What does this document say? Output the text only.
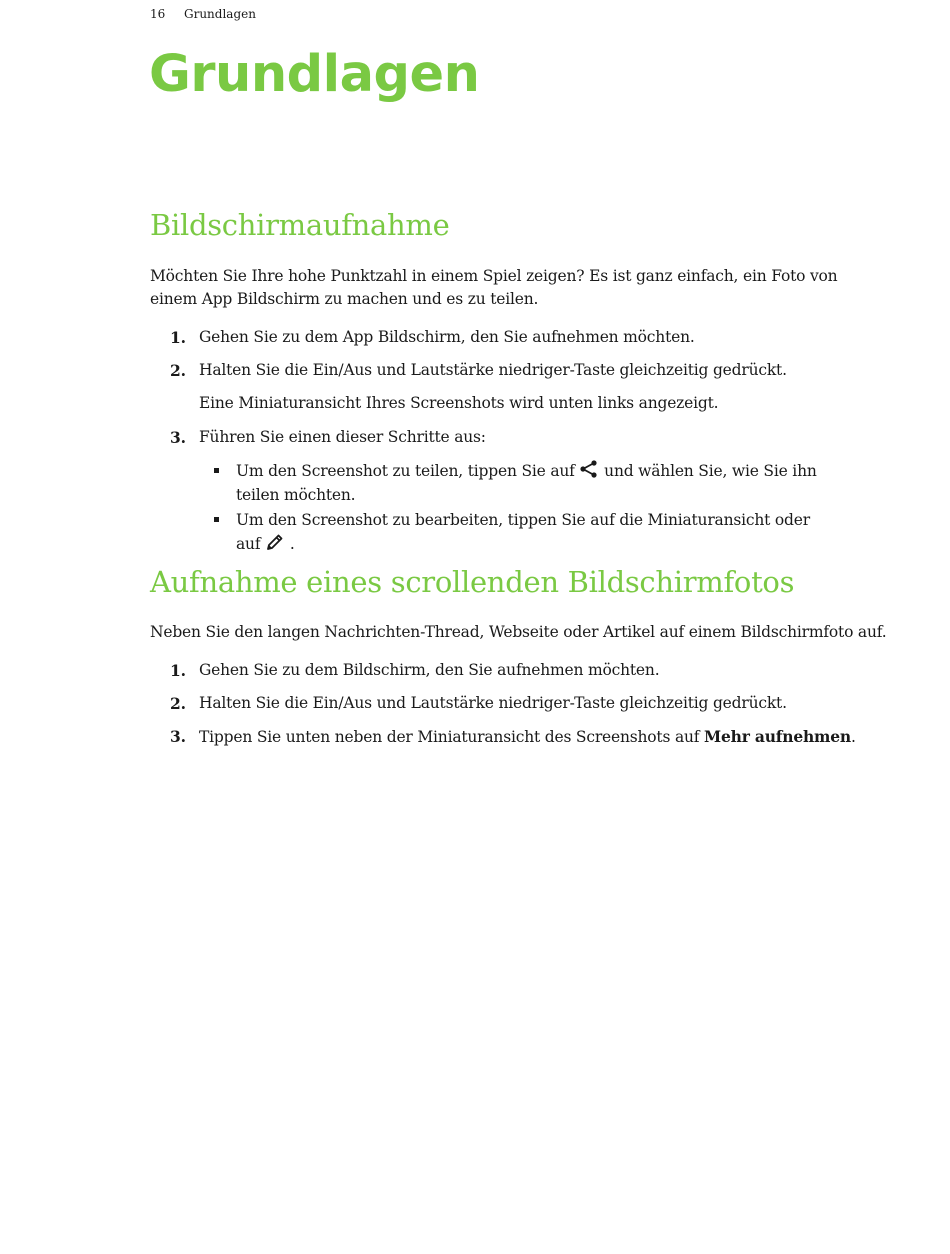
16 Grundlagen
Grundlagen
Bildschirmaufnahme

Möchten Sie Ihre hohe Punktzahl in einem Spiel zeigen? Es ist ganz einfach, ein Foto von einem App Bildschirm zu machen und es zu teilen.

1. Gehen Sie zu dem App Bildschirm, den Sie aufnehmen möchten.
2. Halten Sie die Ein/Aus und Lautstärke niedriger-Taste gleichzeitig gedrückt.
Eine Miniaturansicht Ihres Screenshots wird unten links angezeigt.
3. Führen Sie einen dieser Schritte aus:
Um den Screenshot zu teilen, tippen Sie auf  und wählen Sie, wie Sie ihn teilen möchten.
Um den Screenshot zu bearbeiten, tippen Sie auf die Miniaturansicht oder auf  .
Aufnahme eines scrollenden Bildschirmfotos

Neben Sie den langen Nachrichten-Thread, Webseite oder Artikel auf einem Bildschirmfoto auf.

1. Gehen Sie zu dem Bildschirm, den Sie aufnehmen möchten.
2. Halten Sie die Ein/Aus und Lautstärke niedriger-Taste gleichzeitig gedrückt.
3. Tippen Sie unten neben der Miniaturansicht des Screenshots auf Mehr aufnehmen.
